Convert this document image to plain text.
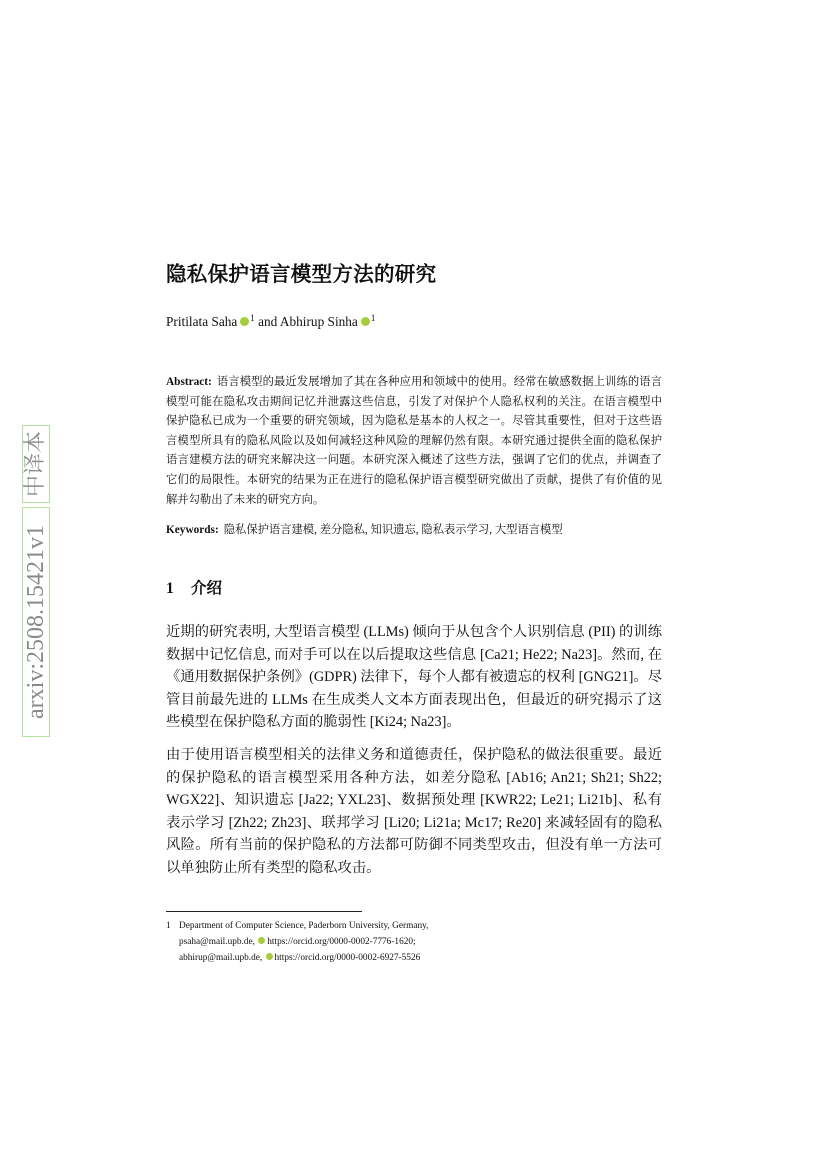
中译本
arxiv:2508.15421v1
隐私保护语言模型方法的研究
Pritilata Saha $^1$ and Abhirup Sinha $^1$
Abstract: 语言模型的最近发展增加了其在各种应用和领域中的使用。经常在敏感数据上训练的语言模型可能在隐私攻击期间记忆并泄露这些信息，引发了对保护个人隐私权利的关注。在语言模型中保护隐私已成为一个重要的研究领域，因为隐私是基本的人权之一。尽管其重要性，但对于这些语言模型所具有的隐私风险以及如何减轻这种风险的理解仍然有限。本研究通过提供全面的隐私保护语言建模方法的研究来解决这一问题。本研究深入概述了这些方法，强调了它们的优点，并调查了它们的局限性。本研究的结果为正在进行的隐私保护语言模型研究做出了贡献，提供了有价值的见解并勾勒出了未来的研究方向。
Keywords: 隐私保护语言建模, 差分隐私, 知识遗忘, 隐私表示学习, 大型语言模型
1 介绍

近期的研究表明, 大型语言模型 (LLMs) 倾向于从包含个人识别信息 (PII) 的训练数据中记忆信息, 而对手可以在以后提取这些信息 [Ca21; He22; Na23]。然而, 在《通用数据保护条例》(GDPR) 法律下，每个人都有被遗忘的权利 [GNG21]。尽管目前最先进的 LLMs 在生成类人文本方面表现出色，但最近的研究揭示了这些模型在保护隐私方面的脆弱性 [Ki24; Na23]。

由于使用语言模型相关的法律义务和道德责任，保护隐私的做法很重要。最近的保护隐私的语言模型采用各种方法，如差分隐私 [Ab16; An21; Sh21; Sh22; WGX22]、知识遗忘 [Ja22; YXL23]、数据预处理 [KWR22; Le21; Li21b]、私有表示学习 [Zh22; Zh23]、联邦学习 [Li20; Li21a; Mc17; Re20] 来减轻固有的隐私风险。所有当前的保护隐私的方法都可防御不同类型攻击，但没有单一方法可以单独防止所有类型的隐私攻击。

1 Department of Computer Science, Paderborn University, Germany,
psaha@mail.upb.de, https://orcid.org/0000-0002-7776-1620;
abhirup@mail.upb.de, https://orcid.org/0000-0002-6927-5526
